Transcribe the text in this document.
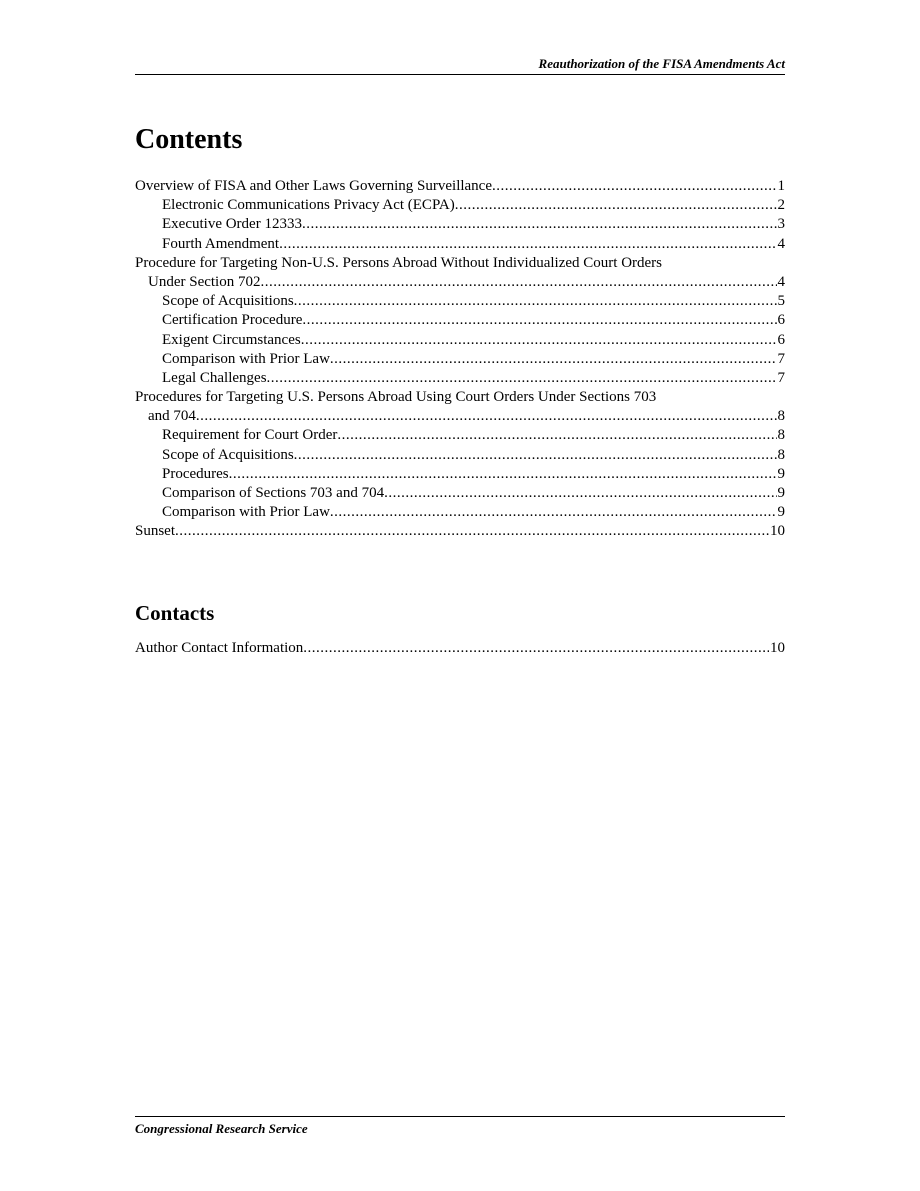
Reauthorization of the FISA Amendments Act
Contents
Overview of FISA and Other Laws Governing Surveillance .....	1
Electronic Communications Privacy Act (ECPA) .....	2
Executive Order 12333 .....	3
Fourth Amendment .....	4
Procedure for Targeting Non-U.S. Persons Abroad Without Individualized Court Orders
Under Section 702 .....	4
Scope of Acquisitions .....	5
Certification Procedure .....	6
Exigent Circumstances .....	6
Comparison with Prior Law .....	7
Legal Challenges .....	7
Procedures for Targeting U.S. Persons Abroad Using Court Orders Under Sections 703
and 704 .....	8
Requirement for Court Order .....	8
Scope of Acquisitions .....	8
Procedures .....	9
Comparison of Sections 703 and 704 .....	9
Comparison with Prior Law .....	9
Sunset .....	10
Contacts
Author Contact Information .....	10
Congressional Research Service
